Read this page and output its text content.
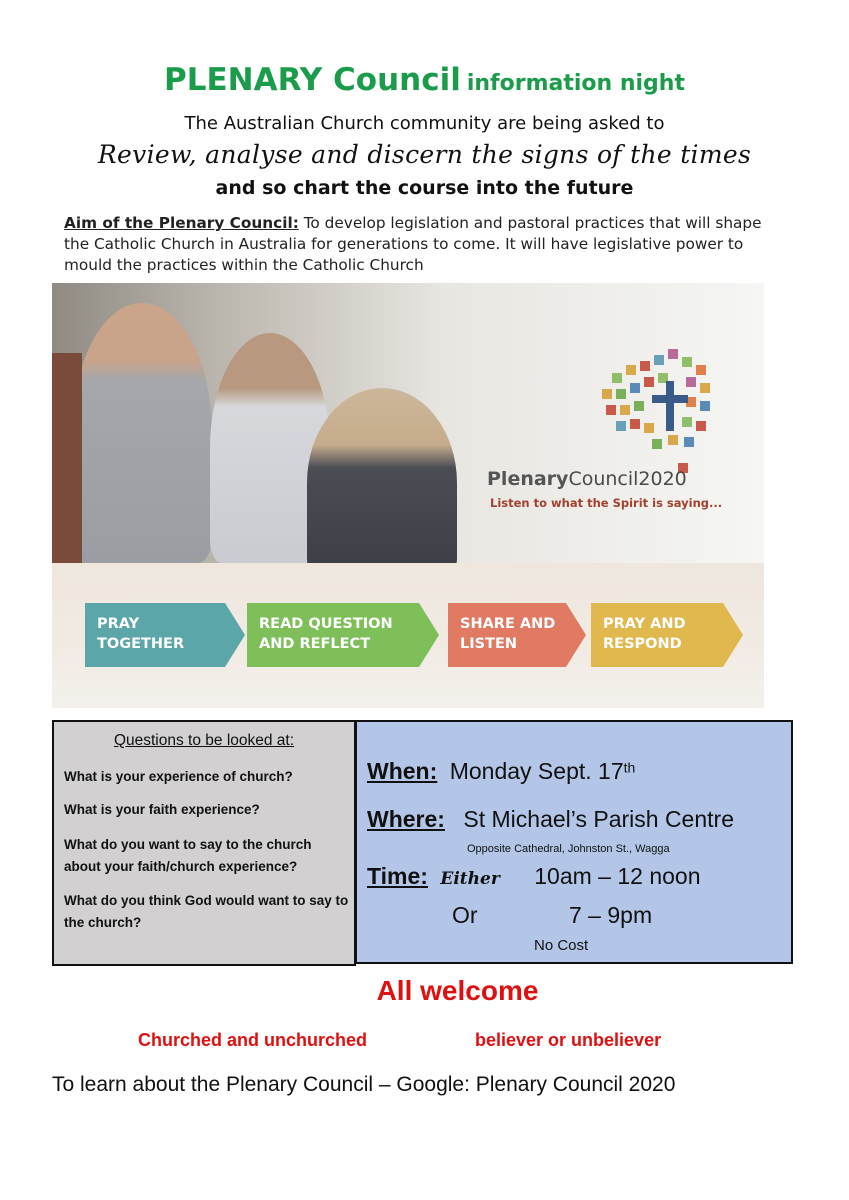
PLENARY Council information night
The Australian Church community are being asked to
Review, analyse and discern the signs of the times
and so chart the course into the future
Aim of the Plenary Council: To develop legislation and pastoral practices that will shape the Catholic Church in Australia for generations to come. It will have legislative power to mould the practices within the Catholic Church
PlenaryCouncil2020
Listen to what the Spirit is saying...
PRAY
TOGETHER
READ QUESTION
AND REFLECT
SHARE AND
LISTEN
PRAY AND
RESPOND
Questions to be looked at:
What is your experience of church?
What is your faith experience?
What do you want to say to the church about your faith/church experience?
What do you think God would want to say to the church?
When: Monday Sept. 17th
Where: St Michael’s Parish Centre
Opposite Cathedral, Johnston St., Wagga
Time: Either 10am – 12 noon
Or	7 – 9pm
No Cost
All welcome
Churched and unchurched	believer or unbeliever
To learn about the Plenary Council – Google: Plenary Council 2020
